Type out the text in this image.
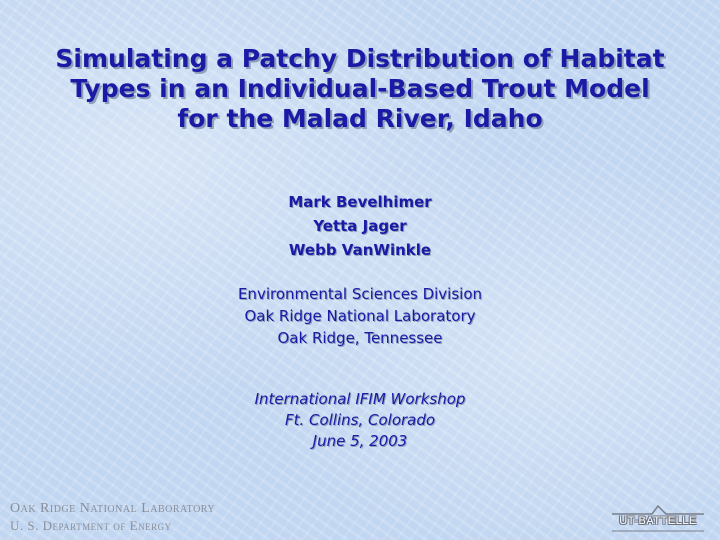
Simulating a Patchy Distribution of Habitat
Types in an Individual-Based Trout Model
for the Malad River, Idaho
Mark Bevelhimer
Yetta Jager
Webb VanWinkle
Environmental Sciences Division
Oak Ridge National Laboratory
Oak Ridge, Tennessee
International IFIM Workshop
Ft. Collins, Colorado
June 5, 2003
Oak Ridge National Laboratory
U. S. Department of Energy	UT-BATTELLE
